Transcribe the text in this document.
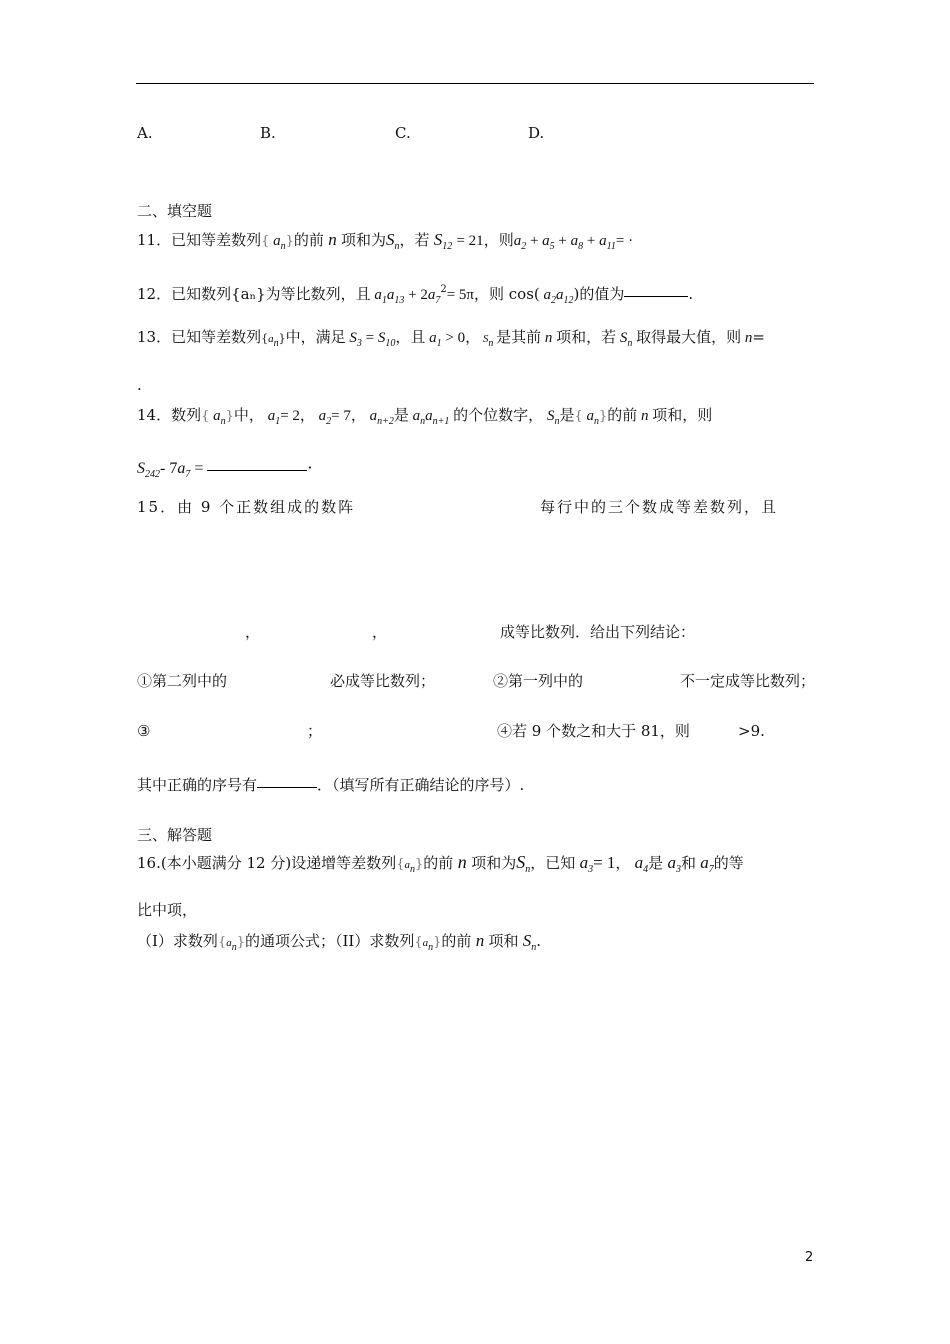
A.	B.	C.	D.
二、填空题
11．已知等差数列{ $a_n$}的前 n 项和为$S_n$，若 $S_{12} = 21$，则$a_2 + a_5 + a_8 + a_{11}=$ ·
12．已知数列{aₙ}为等比数列，且 $a_1a_{13} + 2a_7^2= 5\pi$，则 cos( $a_2a_{12}$)的值为	.
13．已知等差数列{an}中，满足 $S_3 = S_{10}$，且 $a_1 > 0$， Sn 是其前 n 项和，若 $S_n$ 取得最大值，则 n=
.
14．数列{ $a_n$}中， $a_1= 2$， $a_2= 7$， $a_{n+2}$是 $a_na_{n+1}$ 的个位数字， $S_n$是{ $a_n$}的前 n 项和，则
$S_{242}-$ $7a_7$ =	·
15．由 9 个正数组成的数阵	每行中的三个数成等差数列，且
，	，	成等比数列．给出下列结论：
①第二列中的	必成等比数列；	②第一列中的	不一定成等比数列；
③	；	④若 9 个数之和大于 81，则	>9.
其中正确的序号有	．（填写所有正确结论的序号）.
三、解答题
16.(本小题满分 12 分)设递增等差数列{an}的前 n 项和为$S_n$，已知 $a_3= 1$， $a_4$是 $a_3$和 $a_7$的等
比中项，
（I）求数列{an}的通项公式；（II）求数列{an}的前 n 项和 $S_n$.
2
